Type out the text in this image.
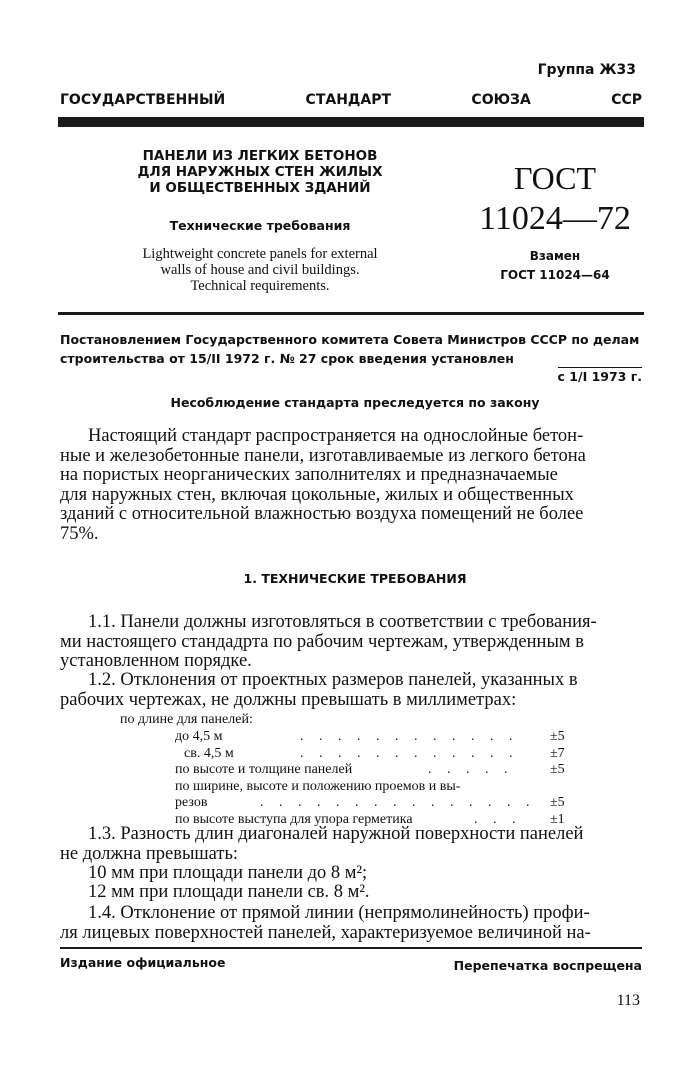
Группа Ж33
ГОСУДАРСТВЕННЫЙ	СТАНДАРТ	СОЮЗА	ССР
ПАНЕЛИ ИЗ ЛЕГКИХ БЕТОНОВ
ДЛЯ НАРУЖНЫХ СТЕН ЖИЛЫХ
И ОБЩЕСТВЕННЫХ ЗДАНИЙ
Технические требования
Lightweight concrete panels for external
walls of house and civil buildings.
Technical requirements.
ГОСТ
11024—72
Взамен
ГОСТ 11024—64
Постановлением Государственного комитета Совета Министров СССР по делам
строительства от 15/II 1972 г. № 27 срок введения установлен
с 1/I 1973 г.
Несоблюдение стандарта преследуется по закону
Настоящий стандарт распространяется на однослойные бетон-
ные и железобетонные панели, изготавливаемые из легкого бетона
на пористых неорганических заполнителях и предназначаемые
для наружных стен, включая цокольные, жилых и общественных
зданий с относительной влажностью воздуха помещений не более
75%.
1. ТЕХНИЧЕСКИЕ ТРЕБОВАНИЯ
1.1. Панели должны изготовляться в соответствии с требования-
ми настоящего стандадрта по рабочим чертежам, утвержденным в
установленном порядке.
1.2. Отклонения от проектных размеров панелей, указанных в
рабочих чертежах, не должны превышать в миллиметрах:
по длине для панелей:
до 4,5 м	. . . . . . . . . . . . ±5
св. 4,5 м	. . . . . . . . . . . . ±7
по высоте и толщине панелей	. . . . .	±5
по ширине, высоте и положению проемов и вы-
резов	. . . . . . . . . . . . . . . ±5
по высоте выступа для упора герметика	. . . ±1
1.3. Разность длин диагоналей наружной поверхности панелей
не должна превышать:
10 мм при площади панели до 8 м²;
12 мм при площади панели св. 8 м².
1.4. Отклонение от прямой линии (непрямолинейность) профи-
ля лицевых поверхностей панелей, характеризуемое величиной на-
Издание официальное	Перепечатка воспрещена
113
